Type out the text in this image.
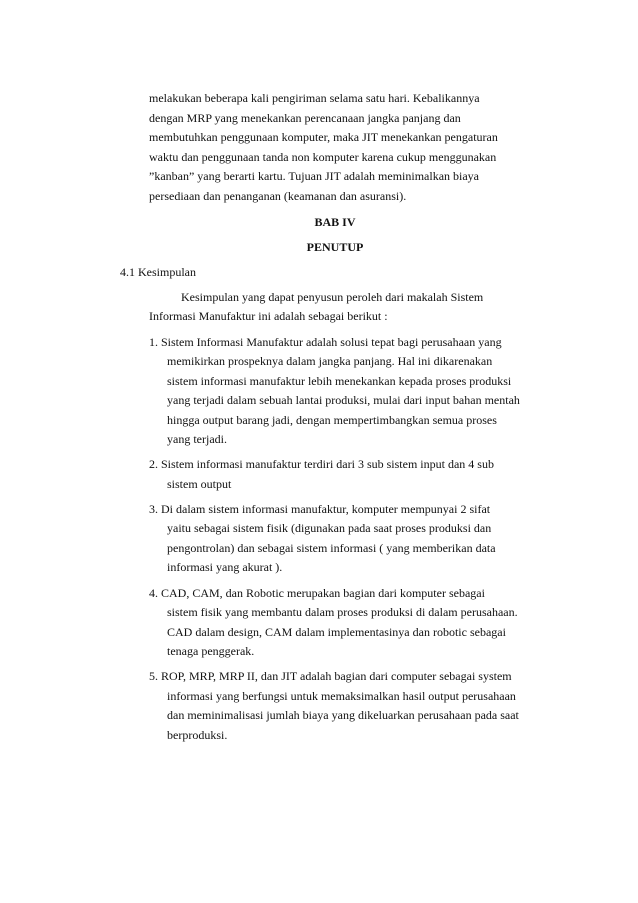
melakukan beberapa kali pengiriman selama satu hari. Kebalikannya

dengan MRP yang menekankan perencanaan jangka panjang dan

membutuhkan penggunaan komputer, maka JIT menekankan pengaturan

waktu dan penggunaan tanda non komputer karena cukup menggunakan

”kanban” yang berarti kartu. Tujuan JIT adalah meminimalkan biaya

persediaan dan penanganan (keamanan dan asuransi).

BAB IV

PENUTUP

4.1 Kesimpulan

Kesimpulan yang dapat penyusun peroleh dari makalah Sistem

Informasi Manufaktur ini adalah sebagai berikut :

1. Sistem Informasi Manufaktur adalah solusi tepat bagi perusahaan yang

memikirkan prospeknya dalam jangka panjang. Hal ini dikarenakan

sistem informasi manufaktur lebih menekankan kepada proses produksi

yang terjadi dalam sebuah lantai produksi, mulai dari input bahan mentah

hingga output barang jadi, dengan mempertimbangkan semua proses

yang terjadi.

2. Sistem informasi manufaktur terdiri dari 3 sub sistem input dan 4 sub

sistem output

3. Di dalam sistem informasi manufaktur, komputer mempunyai 2 sifat

yaitu sebagai sistem fisik (digunakan pada saat proses produksi dan

pengontrolan) dan sebagai sistem informasi ( yang memberikan data

informasi yang akurat ).

4. CAD, CAM, dan Robotic merupakan bagian dari komputer sebagai

sistem fisik yang membantu dalam proses produksi di dalam perusahaan.

CAD dalam design, CAM dalam implementasinya dan robotic sebagai

tenaga penggerak.

5. ROP, MRP, MRP II, dan JIT adalah bagian dari computer sebagai system

informasi yang berfungsi untuk memaksimalkan hasil output perusahaan

dan meminimalisasi jumlah biaya yang dikeluarkan perusahaan pada saat

berproduksi.
